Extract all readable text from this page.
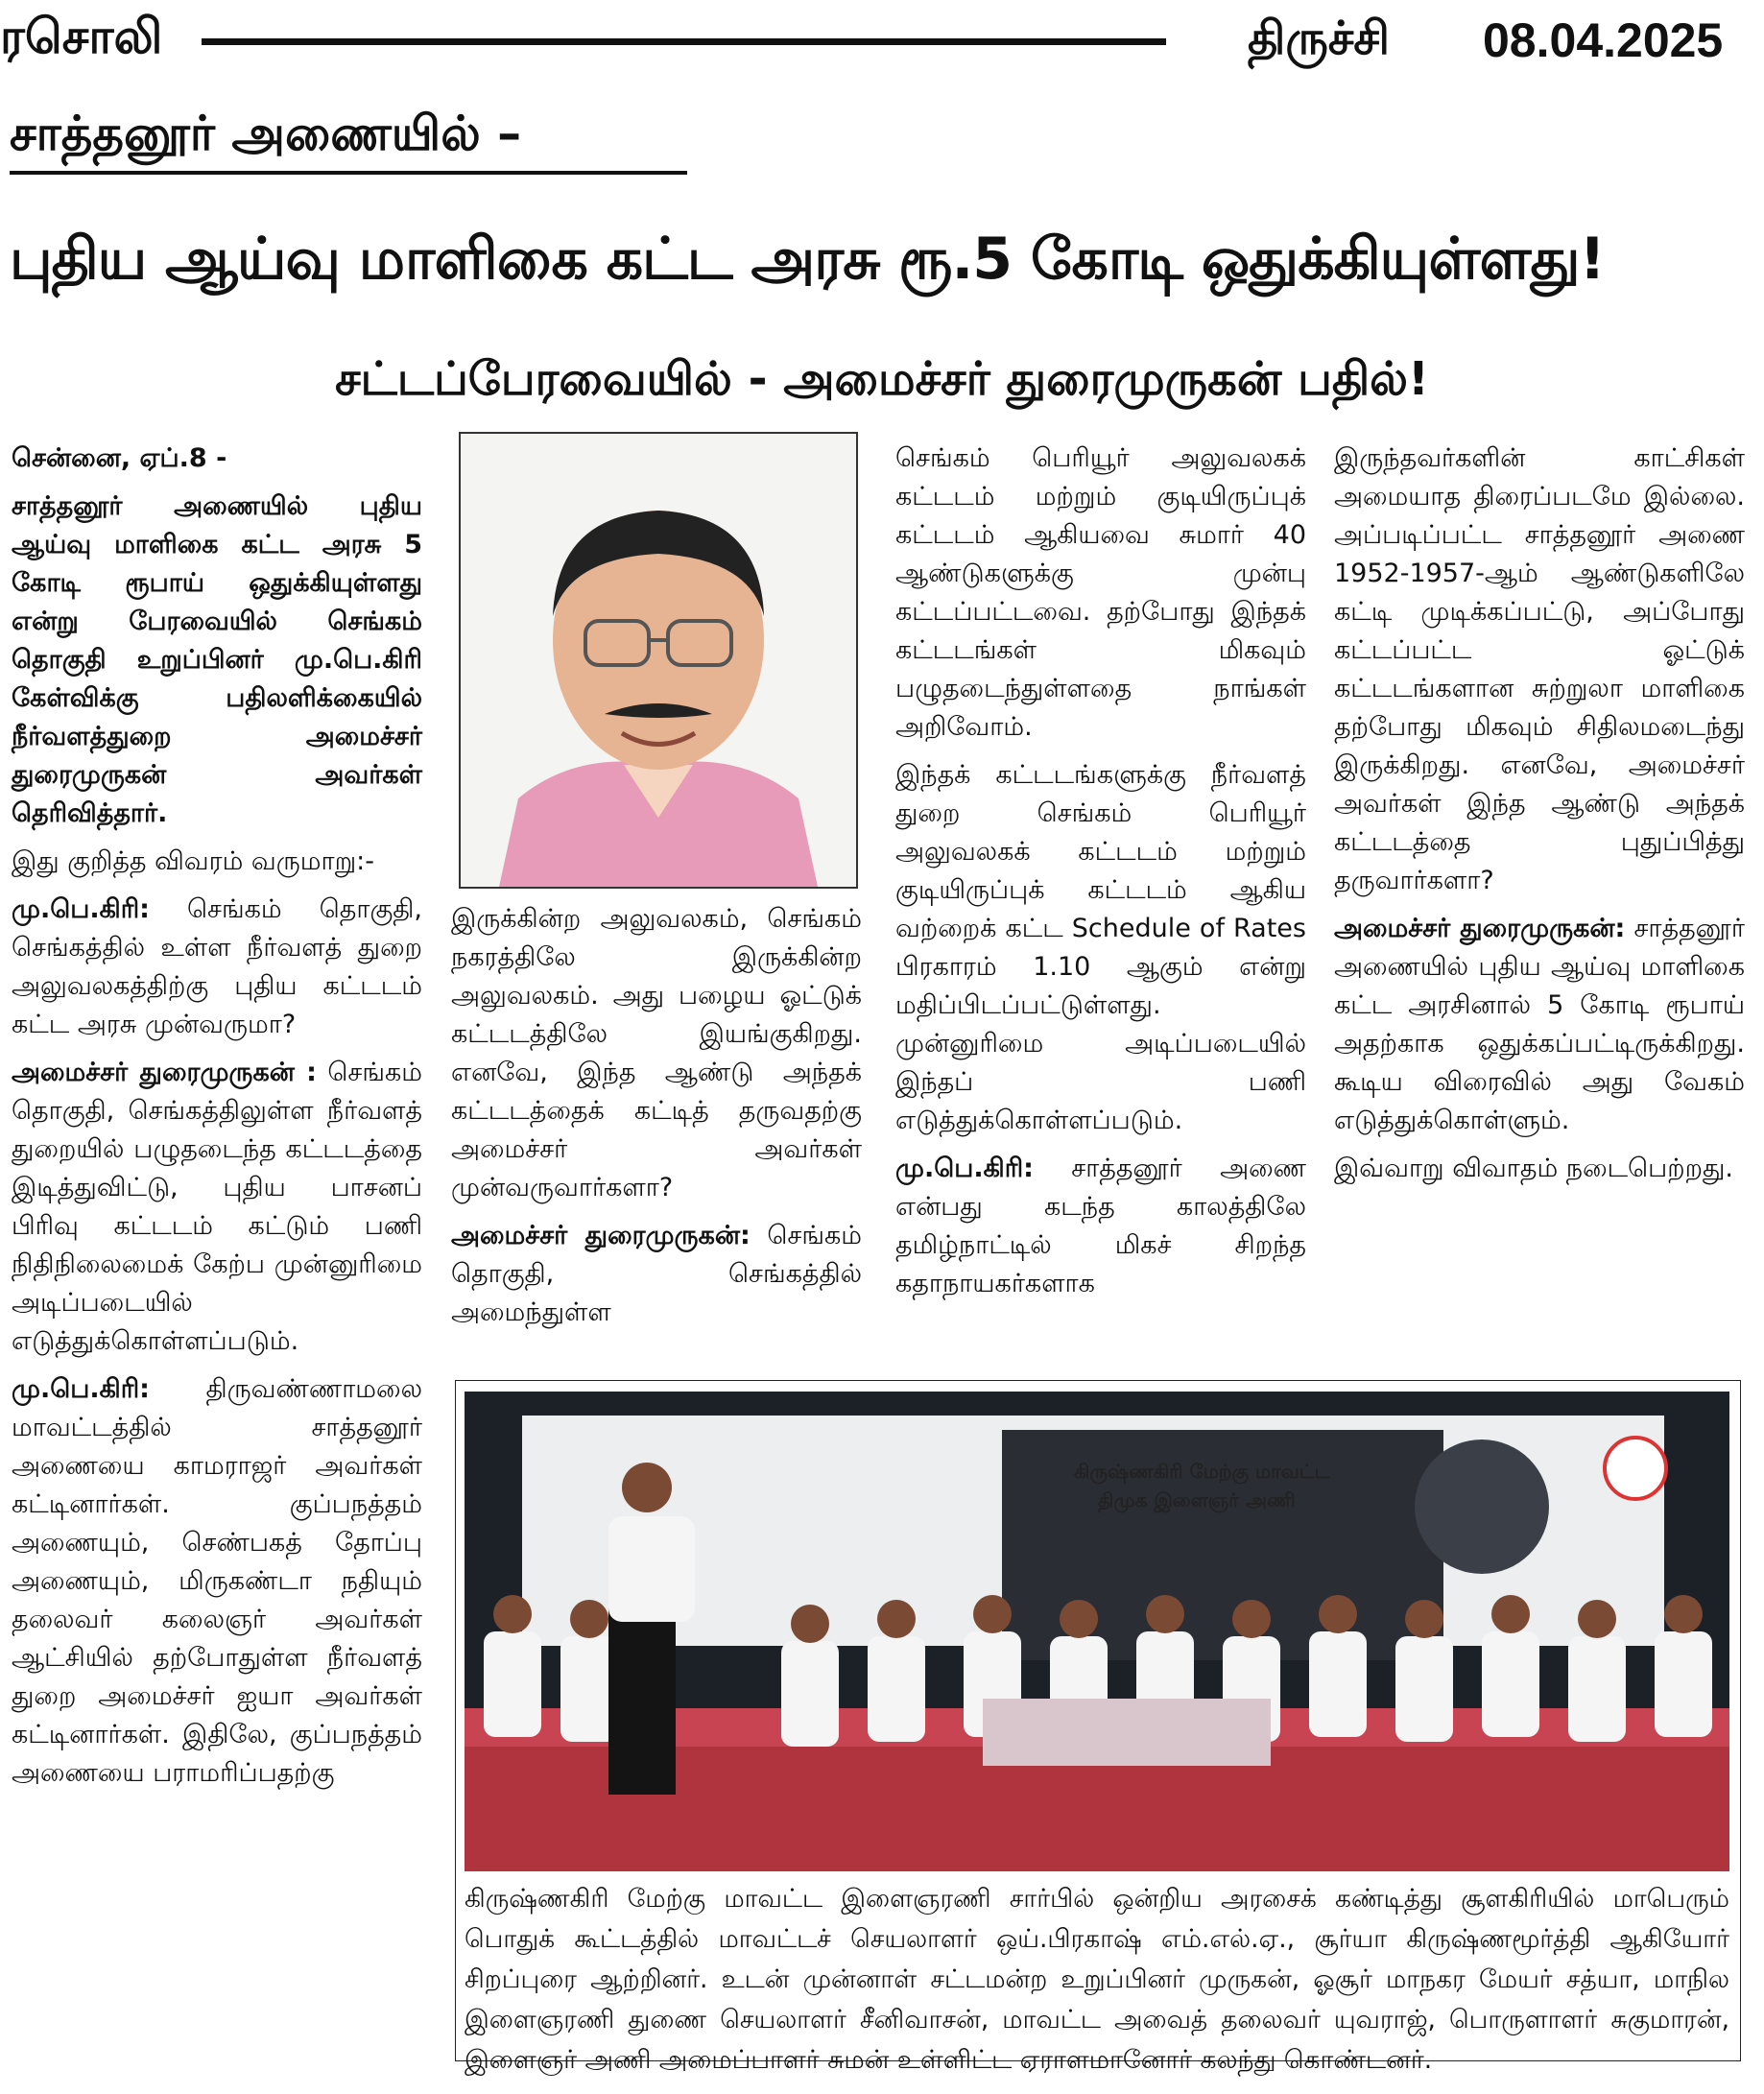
ரசொலி	திருச்சி 08.04.2025
சாத்தனூர் அணையில் –
புதிய ஆய்வு மாளிகை கட்ட அரசு ரூ.5 கோடி ஒதுக்கியுள்ளது!
சட்டப்பேரவையில் - அமைச்சர் துரைமுருகன் பதில்!

சென்னை, ஏப்.8 -

சாத்தனூர் அணையில் புதிய ஆய்வு மாளிகை கட்ட அரசு 5 கோடி ரூபாய் ஒதுக்கியுள்ளது என்று பேரவையில் செங்கம் தொகுதி உறுப்பினர் மு.பெ.கிரி கேள்விக்கு பதிலளிக்கையில் நீர்வளத்துறை அமைச்சர் துரைமுருகன் அவர்கள் தெரிவித்தார்.

இது குறித்த விவரம் வருமாறு:-

மு.பெ.கிரி: செங்கம் தொகுதி, செங்கத்தில் உள்ள நீர்வளத் துறை அலுவலகத்திற்கு புதிய கட்டடம் கட்ட அரசு முன்வருமா?

அமைச்சர் துரைமுருகன் : செங்கம் தொகுதி, செங்கத்திலுள்ள நீர்வளத் துறையில் பழுதடைந்த கட்டடத்தை இடித்துவிட்டு, புதிய பாசனப் பிரிவு கட்டடம் கட்டும் பணி நிதிநிலைமைக் கேற்ப முன்னுரிமை அடிப்படையில் எடுத்துக்கொள்ளப்படும்.

மு.பெ.கிரி: திருவண்ணாமலை மாவட்டத்தில் சாத்தனூர் அணையை காமராஜர் அவர்கள் கட்டினார்கள். குப்பநத்தம் அணையும், செண்பகத் தோப்பு அணையும், மிருகண்டா நதியும் தலைவர் கலைஞர் அவர்கள் ஆட்சியில் தற்போதுள்ள நீர்வளத் துறை அமைச்சர் ஐயா அவர்கள் கட்டினார்கள். இதிலே, குப்பநத்தம் அணையை பராமரிப்பதற்கு

இருக்கின்ற அலுவலகம், செங்கம் நகரத்திலே இருக்கின்ற அலுவலகம். அது பழைய ஓட்டுக் கட்டடத்திலே இயங்குகிறது. எனவே, இந்த ஆண்டு அந்தக் கட்டடத்தைக் கட்டித் தருவதற்கு அமைச்சர் அவர்கள் முன்வருவார்களா?

அமைச்சர் துரைமுருகன்: செங்கம் தொகுதி, செங்கத்தில் அமைந்துள்ள

செங்கம் பெரியூர் அலுவலகக் கட்டடம் மற்றும் குடியிருப்புக் கட்டடம் ஆகியவை சுமார் 40 ஆண்டுகளுக்கு முன்பு கட்டப்பட்டவை. தற்போது இந்தக் கட்டடங்கள் மிகவும் பழுதடைந்துள்ளதை நாங்கள் அறிவோம்.

இந்தக் கட்டடங்களுக்கு நீர்வளத் துறை செங்கம் பெரியூர் அலுவலகக் கட்டடம் மற்றும் குடியிருப்புக் கட்டடம் ஆகிய வற்றைக் கட்ட Schedule of Rates பிரகாரம் 1.10 ஆகும் என்று மதிப்பிடப்பட்டுள்ளது. முன்னுரிமை அடிப்படையில் இந்தப் பணி எடுத்துக்கொள்ளப்படும்.

மு.பெ.கிரி: சாத்தனூர் அணை என்பது கடந்த காலத்திலே தமிழ்நாட்டில் மிகச் சிறந்த கதாநாயகர்களாக

இருந்தவர்களின் காட்சிகள் அமையாத திரைப்படமே இல்லை. அப்படிப்பட்ட சாத்தனூர் அணை 1952-1957-ஆம் ஆண்டுகளிலே கட்டி முடிக்கப்பட்டு, அப்போது கட்டப்பட்ட ஓட்டுக் கட்டடங்களான சுற்றுலா மாளிகை தற்போது மிகவும் சிதிலமடைந்து இருக்கிறது. எனவே, அமைச்சர் அவர்கள் இந்த ஆண்டு அந்தக் கட்டடத்தை புதுப்பித்து தருவார்களா?

அமைச்சர் துரைமுருகன்: சாத்தனூர் அணையில் புதிய ஆய்வு மாளிகை கட்ட அரசினால் 5 கோடி ரூபாய் அதற்காக ஒதுக்கப்பட்டிருக்கிறது. கூடிய விரைவில் அது வேகம் எடுத்துக்கொள்ளும்.

இவ்வாறு விவாதம் நடைபெற்றது.

கிருஷ்ணகிரி மேற்கு மாவட்ட
திமுக இளைஞர் அணி
கிருஷ்ணகிரி மேற்கு மாவட்ட இளைஞரணி சார்பில் ஒன்றிய அரசைக் கண்டித்து சூளகிரியில் மாபெரும் பொதுக் கூட்டத்தில் மாவட்டச் செயலாளர் ஒய்.பிரகாஷ் எம்.எல்.ஏ., சூர்யா கிருஷ்ணமூர்த்தி ஆகியோர் சிறப்புரை ஆற்றினர். உடன் முன்னாள் சட்டமன்ற உறுப்பினர் முருகன், ஓசூர் மாநகர மேயர் சத்யா, மாநில இளைஞரணி துணை செயலாளர் சீனிவாசன், மாவட்ட அவைத் தலைவர் யுவராஜ், பொருளாளர் சுகுமாரன், இளைஞர் அணி அமைப்பாளர் சுமன் உள்ளிட்ட ஏராளமானோர் கலந்து கொண்டனர்.
